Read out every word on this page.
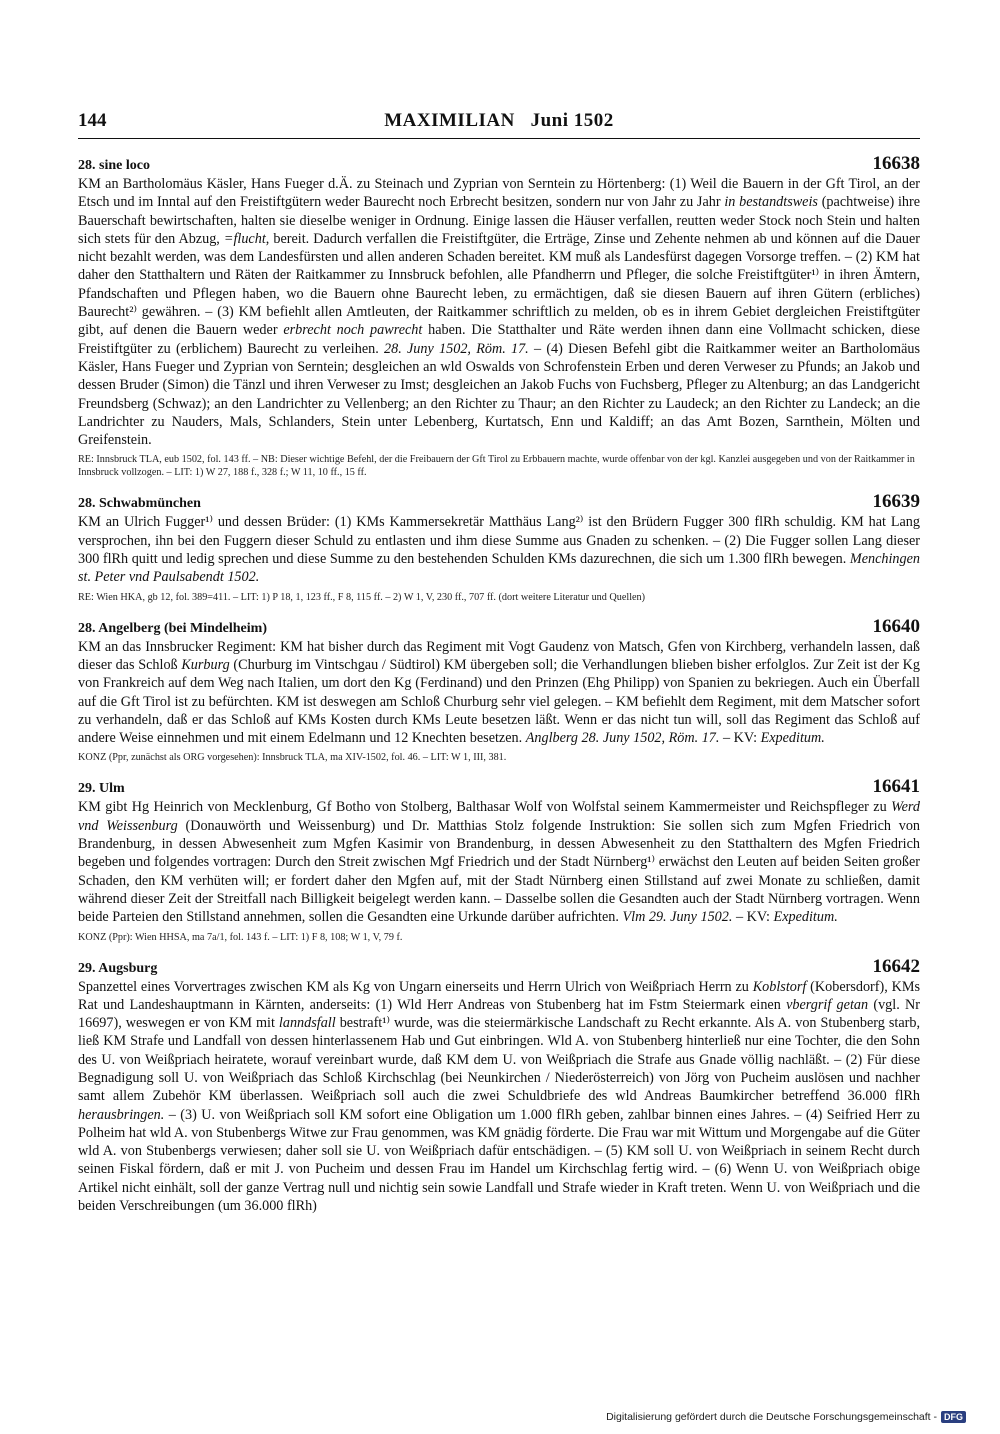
144	MAXIMILIAN   Juni 1502
28. sine loco	16638
KM an Bartholomäus Käsler, Hans Fueger d.Ä. zu Steinach und Zyprian von Serntein zu Hörtenberg: (1) Weil die Bauern in der Gft Tirol, an der Etsch und im Inntal auf den Freistiftgütern weder Baurecht noch Erbrecht besitzen, sondern nur von Jahr zu Jahr in bestandtsweis (pachtweise) ihre Bauerschaft bewirtschaften, halten sie dieselbe weniger in Ordnung. Einige lassen die Häuser verfallen, reutten weder Stock noch Stein und halten sich stets für den Abzug, =flucht, bereit. Dadurch verfallen die Freistiftgüter, die Erträge, Zinse und Zehente nehmen ab und können auf die Dauer nicht bezahlt werden, was dem Landesfürsten und allen anderen Schaden bereitet. KM muß als Landesfürst dagegen Vorsorge treffen. – (2) KM hat daher den Statthaltern und Räten der Raitkammer zu Innsbruck befohlen, alle Pfandherrn und Pfleger, die solche Freistiftgüter¹⁾ in ihren Ämtern, Pfandschaften und Pflegen haben, wo die Bauern ohne Baurecht leben, zu ermächtigen, daß sie diesen Bauern auf ihren Gütern (erbliches) Baurecht²⁾ gewähren. – (3) KM befiehlt allen Amtleuten, der Raitkammer schriftlich zu melden, ob es in ihrem Gebiet dergleichen Freistiftgüter gibt, auf denen die Bauern weder erbrecht noch pawrecht haben. Die Statthalter und Räte werden ihnen dann eine Vollmacht schicken, diese Freistiftgüter zu (erblichem) Baurecht zu verleihen. 28. Juny 1502, Röm. 17. – (4) Diesen Befehl gibt die Raitkammer weiter an Bartholomäus Käsler, Hans Fueger und Zyprian von Serntein; desgleichen an wld Oswalds von Schrofenstein Erben und deren Verweser zu Pfunds; an Jakob und dessen Bruder (Simon) die Tänzl und ihren Verweser zu Imst; desgleichen an Jakob Fuchs von Fuchsberg, Pfleger zu Altenburg; an das Landgericht Freundsberg (Schwaz); an den Landrichter zu Vellenberg; an den Richter zu Thaur; an den Richter zu Laudeck; an den Richter zu Landeck; an die Landrichter zu Nauders, Mals, Schlanders, Stein unter Lebenberg, Kurtatsch, Enn und Kaldiff; an das Amt Bozen, Sarnthein, Mölten und Greifenstein.
RE: Innsbruck TLA, eub 1502, fol. 143 ff. – NB: Dieser wichtige Befehl, der die Freibauern der Gft Tirol zu Erbbauern machte, wurde offenbar von der kgl. Kanzlei ausgegeben und von der Raitkammer in Innsbruck vollzogen. – LIT: 1) W 27, 188 f., 328 f.; W 11, 10 ff., 15 ff.
28. Schwabmünchen	16639
KM an Ulrich Fugger¹⁾ und dessen Brüder: (1) KMs Kammersekretär Matthäus Lang²⁾ ist den Brüdern Fugger 300 flRh schuldig. KM hat Lang versprochen, ihn bei den Fuggern dieser Schuld zu entlasten und ihm diese Summe aus Gnaden zu schenken. – (2) Die Fugger sollen Lang dieser 300 flRh quitt und ledig sprechen und diese Summe zu den bestehenden Schulden KMs dazurechnen, die sich um 1.300 flRh bewegen. Menchingen st. Peter vnd Paulsabendt 1502.
RE: Wien HKA, gb 12, fol. 389=411. – LIT: 1) P 18, 1, 123 ff., F 8, 115 ff. – 2) W 1, V, 230 ff., 707 ff. (dort weitere Literatur und Quellen)
28. Angelberg (bei Mindelheim)	16640
KM an das Innsbrucker Regiment: KM hat bisher durch das Regiment mit Vogt Gaudenz von Matsch, Gfen von Kirchberg, verhandeln lassen, daß dieser das Schloß Kurburg (Churburg im Vintschgau / Südtirol) KM übergeben soll; die Verhandlungen blieben bisher erfolglos. Zur Zeit ist der Kg von Frankreich auf dem Weg nach Italien, um dort den Kg (Ferdinand) und den Prinzen (Ehg Philipp) von Spanien zu bekriegen. Auch ein Überfall auf die Gft Tirol ist zu befürchten. KM ist deswegen am Schloß Churburg sehr viel gelegen. – KM befiehlt dem Regiment, mit dem Matscher sofort zu verhandeln, daß er das Schloß auf KMs Kosten durch KMs Leute besetzen läßt. Wenn er das nicht tun will, soll das Regiment das Schloß auf andere Weise einnehmen und mit einem Edelmann und 12 Knechten besetzen. Anglberg 28. Juny 1502, Röm. 17. – KV: Expeditum.
KONZ (Ppr, zunächst als ORG vorgesehen): Innsbruck TLA, ma XIV-1502, fol. 46. – LIT: W 1, III, 381.
29. Ulm	16641
KM gibt Hg Heinrich von Mecklenburg, Gf Botho von Stolberg, Balthasar Wolf von Wolfstal seinem Kammermeister und Reichspfleger zu Werd vnd Weissenburg (Donauwörth und Weissenburg) und Dr. Matthias Stolz folgende Instruktion: Sie sollen sich zum Mgfen Friedrich von Brandenburg, in dessen Abwesenheit zum Mgfen Kasimir von Brandenburg, in dessen Abwesenheit zu den Statthaltern des Mgfen Friedrich begeben und folgendes vortragen: Durch den Streit zwischen Mgf Friedrich und der Stadt Nürnberg¹⁾ erwächst den Leuten auf beiden Seiten großer Schaden, den KM verhüten will; er fordert daher den Mgfen auf, mit der Stadt Nürnberg einen Stillstand auf zwei Monate zu schließen, damit während dieser Zeit der Streitfall nach Billigkeit beigelegt werden kann. – Dasselbe sollen die Gesandten auch der Stadt Nürnberg vortragen. Wenn beide Parteien den Stillstand annehmen, sollen die Gesandten eine Urkunde darüber aufrichten. Vlm 29. Juny 1502. – KV: Expeditum.
KONZ (Ppr): Wien HHSA, ma 7a/1, fol. 143 f. – LIT: 1) F 8, 108; W 1, V, 79 f.
29. Augsburg	16642
Spanzettel eines Vorvertrages zwischen KM als Kg von Ungarn einerseits und Herrn Ulrich von Weißpriach Herrn zu Koblstorf (Kobersdorf), KMs Rat und Landeshauptmann in Kärnten, anderseits: (1) Wld Herr Andreas von Stubenberg hat im Fstm Steiermark einen vbergrif getan (vgl. Nr 16697), weswegen er von KM mit lanndsfall bestraft¹⁾ wurde, was die steiermärkische Landschaft zu Recht erkannte. Als A. von Stubenberg starb, ließ KM Strafe und Landfall von dessen hinterlassenem Hab und Gut einbringen. Wld A. von Stubenberg hinterließ nur eine Tochter, die den Sohn des U. von Weißpriach heiratete, worauf vereinbart wurde, daß KM dem U. von Weißpriach die Strafe aus Gnade völlig nachläßt. – (2) Für diese Begnadigung soll U. von Weißpriach das Schloß Kirchschlag (bei Neunkirchen / Niederösterreich) von Jörg von Pucheim auslösen und nachher samt allem Zubehör KM überlassen. Weißpriach soll auch die zwei Schuldbriefe des wld Andreas Baumkircher betreffend 36.000 flRh herausbringen. – (3) U. von Weißpriach soll KM sofort eine Obligation um 1.000 flRh geben, zahlbar binnen eines Jahres. – (4) Seifried Herr zu Polheim hat wld A. von Stubenbergs Witwe zur Frau genommen, was KM gnädig förderte. Die Frau war mit Wittum und Morgengabe auf die Güter wld A. von Stubenbergs verwiesen; daher soll sie U. von Weißpriach dafür entschädigen. – (5) KM soll U. von Weißpriach in seinem Recht durch seinen Fiskal fördern, daß er mit J. von Pucheim und dessen Frau im Handel um Kirchschlag fertig wird. – (6) Wenn U. von Weißpriach obige Artikel nicht einhält, soll der ganze Vertrag null und nichtig sein sowie Landfall und Strafe wieder in Kraft treten. Wenn U. von Weißpriach und die beiden Verschreibungen (um 36.000 flRh)
Digitalisierung gefördert durch die Deutsche Forschungsgemeinschaft - DFG
